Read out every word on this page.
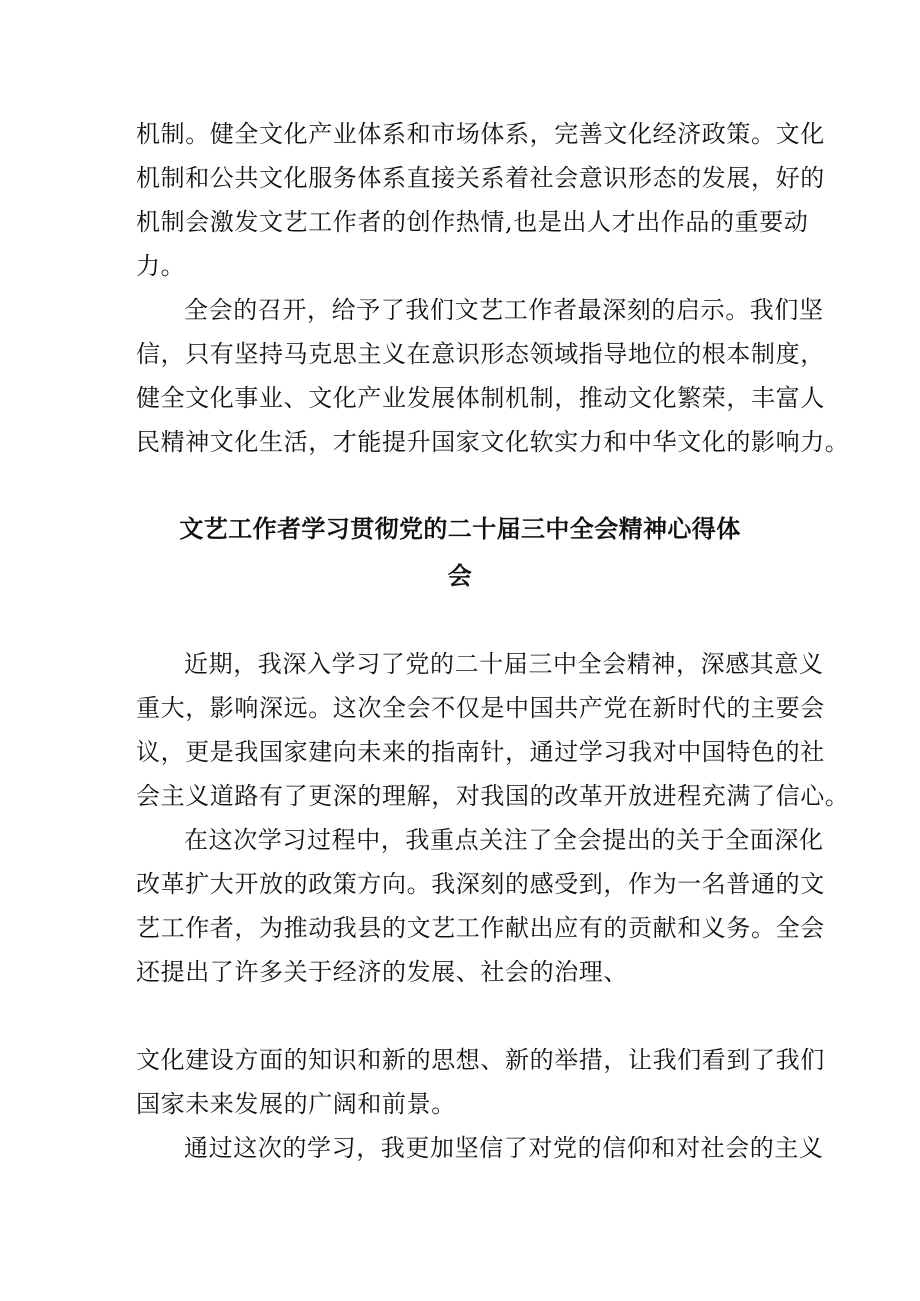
机制。健全文化产业体系和市场体系，完善文化经济政策。文化

机制和公共文化服务体系直接关系着社会意识形态的发展，好的

机制会激发文艺工作者的创作热情,也是出人才出作品的重要动

力。

全会的召开，给予了我们文艺工作者最深刻的启示。我们坚

信，只有坚持马克思主义在意识形态领域指导地位的根本制度，

健全文化事业、文化产业发展体制机制，推动文化繁荣，丰富人

民精神文化生活，才能提升国家文化软实力和中华文化的影响力。

文艺工作者学习贯彻党的二十届三中全会精神心得体
会

近期，我深入学习了党的二十届三中全会精神，深感其意义

重大，影响深远。这次全会不仅是中国共产党在新时代的主要会

议，更是我国家建向未来的指南针，通过学习我对中国特色的社

会主义道路有了更深的理解，对我国的改革开放进程充满了信心。

在这次学习过程中，我重点关注了全会提出的关于全面深化

改革扩大开放的政策方向。我深刻的感受到，作为一名普通的文

艺工作者，为推动我县的文艺工作献出应有的贡献和义务。全会

还提出了许多关于经济的发展、社会的治理、

文化建设方面的知识和新的思想、新的举措，让我们看到了我们

国家未来发展的广阔和前景。

通过这次的学习，我更加坚信了对党的信仰和对社会的主义
